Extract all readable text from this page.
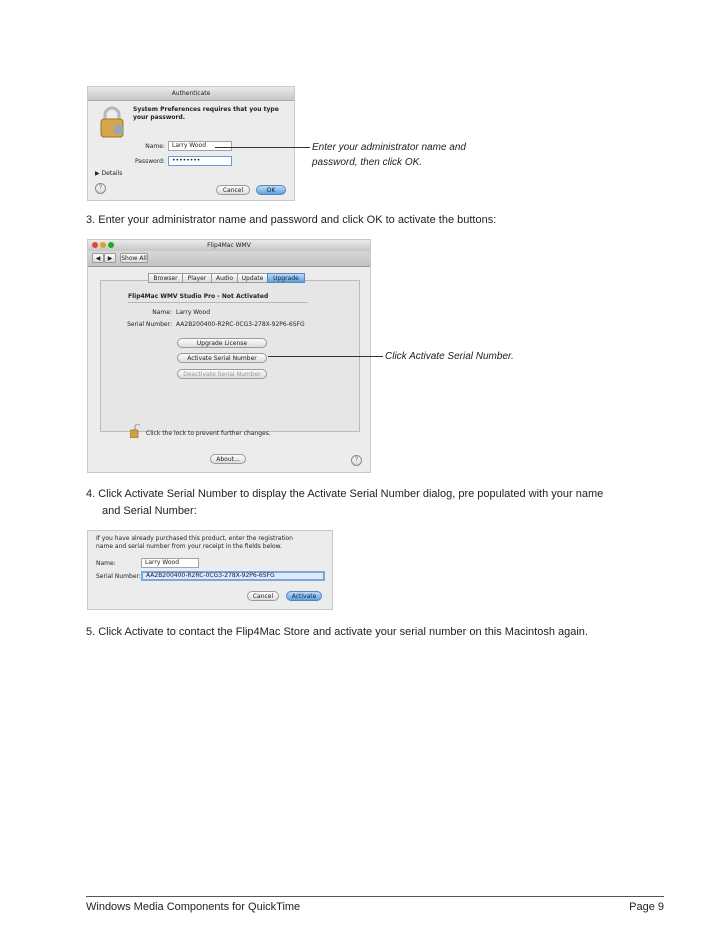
Authenticate
System Preferences requires that you type your password.
Name:	Larry Wood
Password:	••••••••
▶ Details
?	Cancel	OK
Enter your administrator name and
password, then click OK.
3. Enter your administrator name and password and click OK to activate the buttons:
Flip4Mac WMV
◀	▶	Show All
Browser	Player	Audio	Update	Upgrade
Flip4Mac WMV Studio Pro - Not Activated
Name: Larry Wood
Serial Number: AA2B200400-R2RC-0CG3-278X-92P6-6SFG
Upgrade License
Activate Serial Number
Deactivate Serial Number
Click the lock to prevent further changes.
About...	?
Click Activate Serial Number.
4. Click Activate Serial Number to display the Activate Serial Number dialog, pre populated with your name
and Serial Number:
If you have already purchased this product, enter the registration
name and serial number from your receipt in the fields below.
Name:	Larry Wood
Serial Number: AA2B200400-R2RC-0CG3-278X-92P6-6SFG
Cancel	Activate
5. Click Activate to contact the Flip4Mac Store and activate your serial number on this Macintosh again.
Windows Media Components for QuickTime	Page 9
